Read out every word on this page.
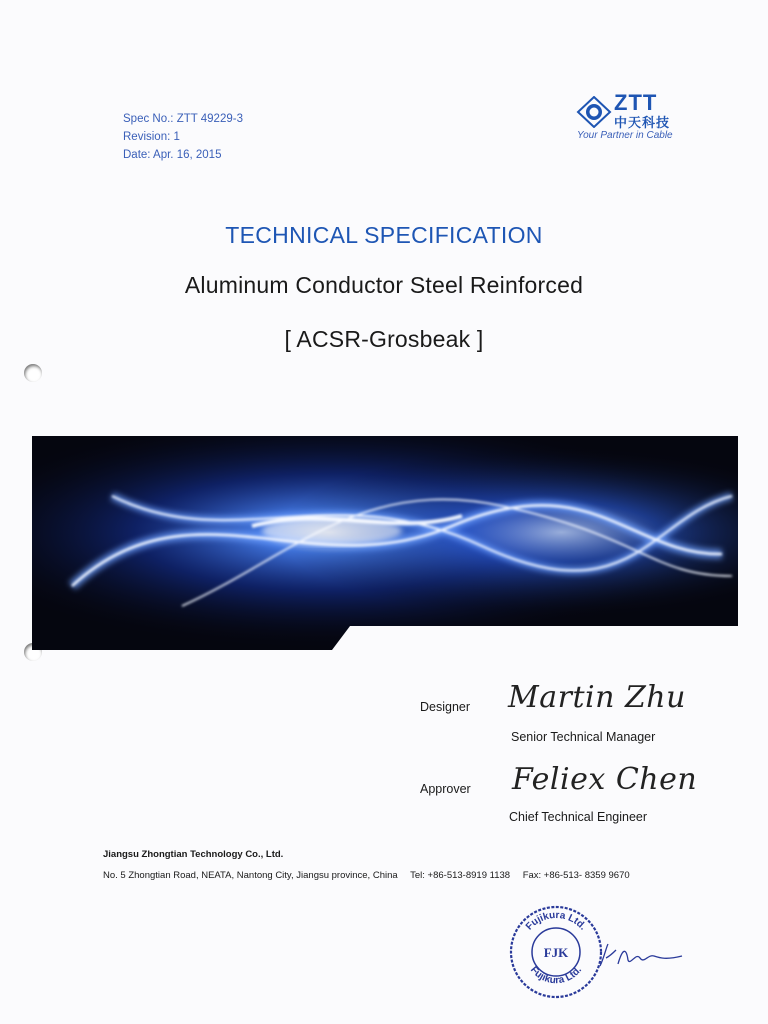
Spec No.: ZTT 49229-3
Revision: 1
Date: Apr. 16, 2015
ZTT
中天科技
Your Partner in Cable
TECHNICAL SPECIFICATION
Aluminum Conductor Steel Reinforced
[ ACSR-Grosbeak ]
Designer Martin Zhu
Senior Technical Manager
Approver Feliex Chen
Chief Technical Engineer
Jiangsu Zhongtian Technology Co., Ltd.
No. 5 Zhongtian Road, NEATA, Nantong City, Jiangsu province, China Tel: +86-513-8919 1138 Fax: +86-513- 8359 9670
Fujikura Ltd.
Fujikura Ltd.
FJK
